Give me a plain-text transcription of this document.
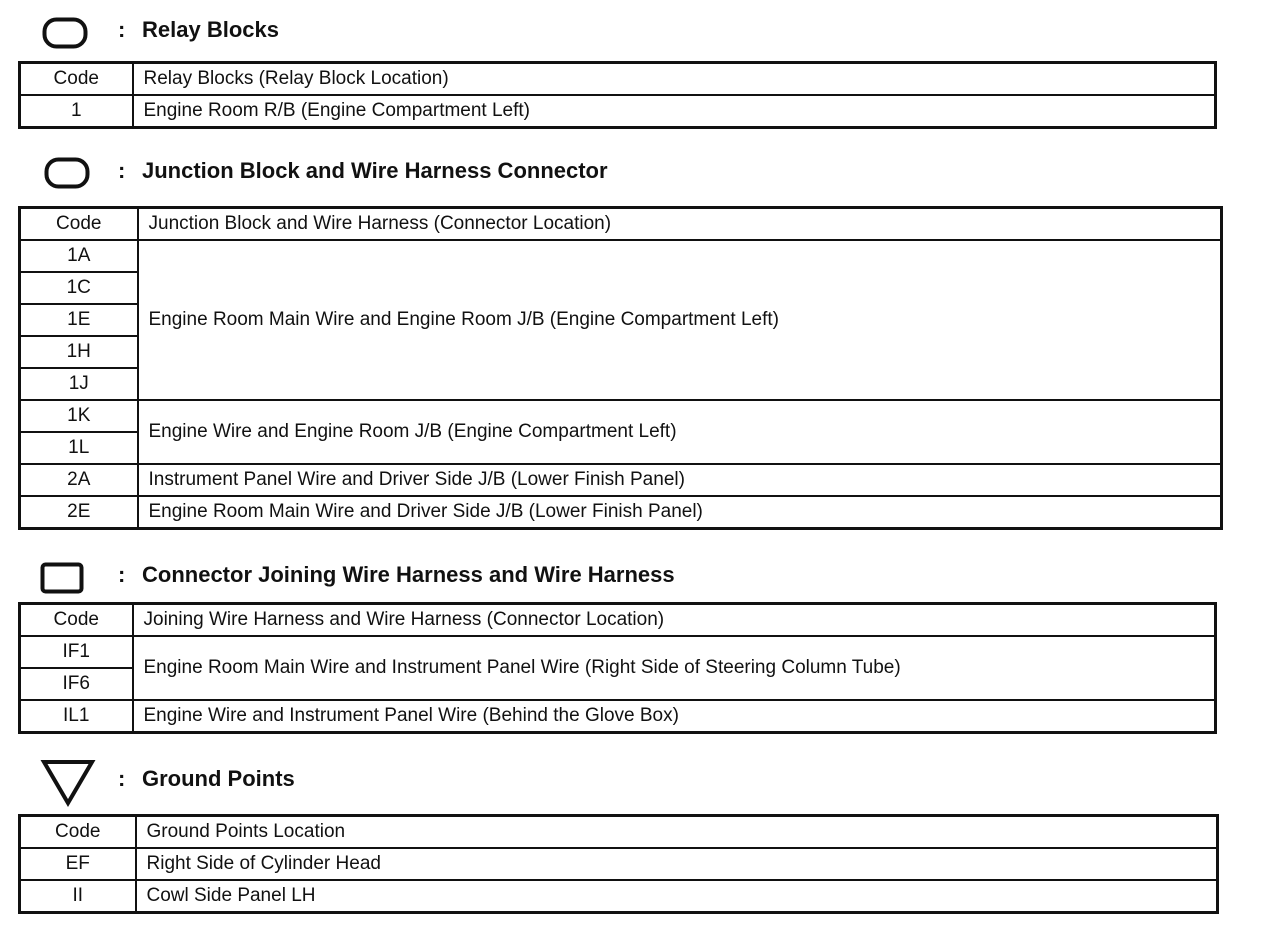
: Relay Blocks
Code	Relay Blocks (Relay Block Location)
1	Engine Room R/B (Engine Compartment Left)
: Junction Block and Wire Harness Connector
Code	Junction Block and Wire Harness (Connector Location)
1A	Engine Room Main Wire and Engine Room J/B (Engine Compartment Left)
1C	
1E	
1H	
1J	
1K	Engine Wire and Engine Room J/B (Engine Compartment Left)
1L	
2A	Instrument Panel Wire and Driver Side J/B (Lower Finish Panel)
2E	Engine Room Main Wire and Driver Side J/B (Lower Finish Panel)
: Connector Joining Wire Harness and Wire Harness
Code	Joining Wire Harness and Wire Harness (Connector Location)
IF1	Engine Room Main Wire and Instrument Panel Wire (Right Side of Steering Column Tube)
IF6	
IL1	Engine Wire and Instrument Panel Wire (Behind the Glove Box)
: Ground Points
Code	Ground Points Location
EF	Right Side of Cylinder Head
II	Cowl Side Panel LH
